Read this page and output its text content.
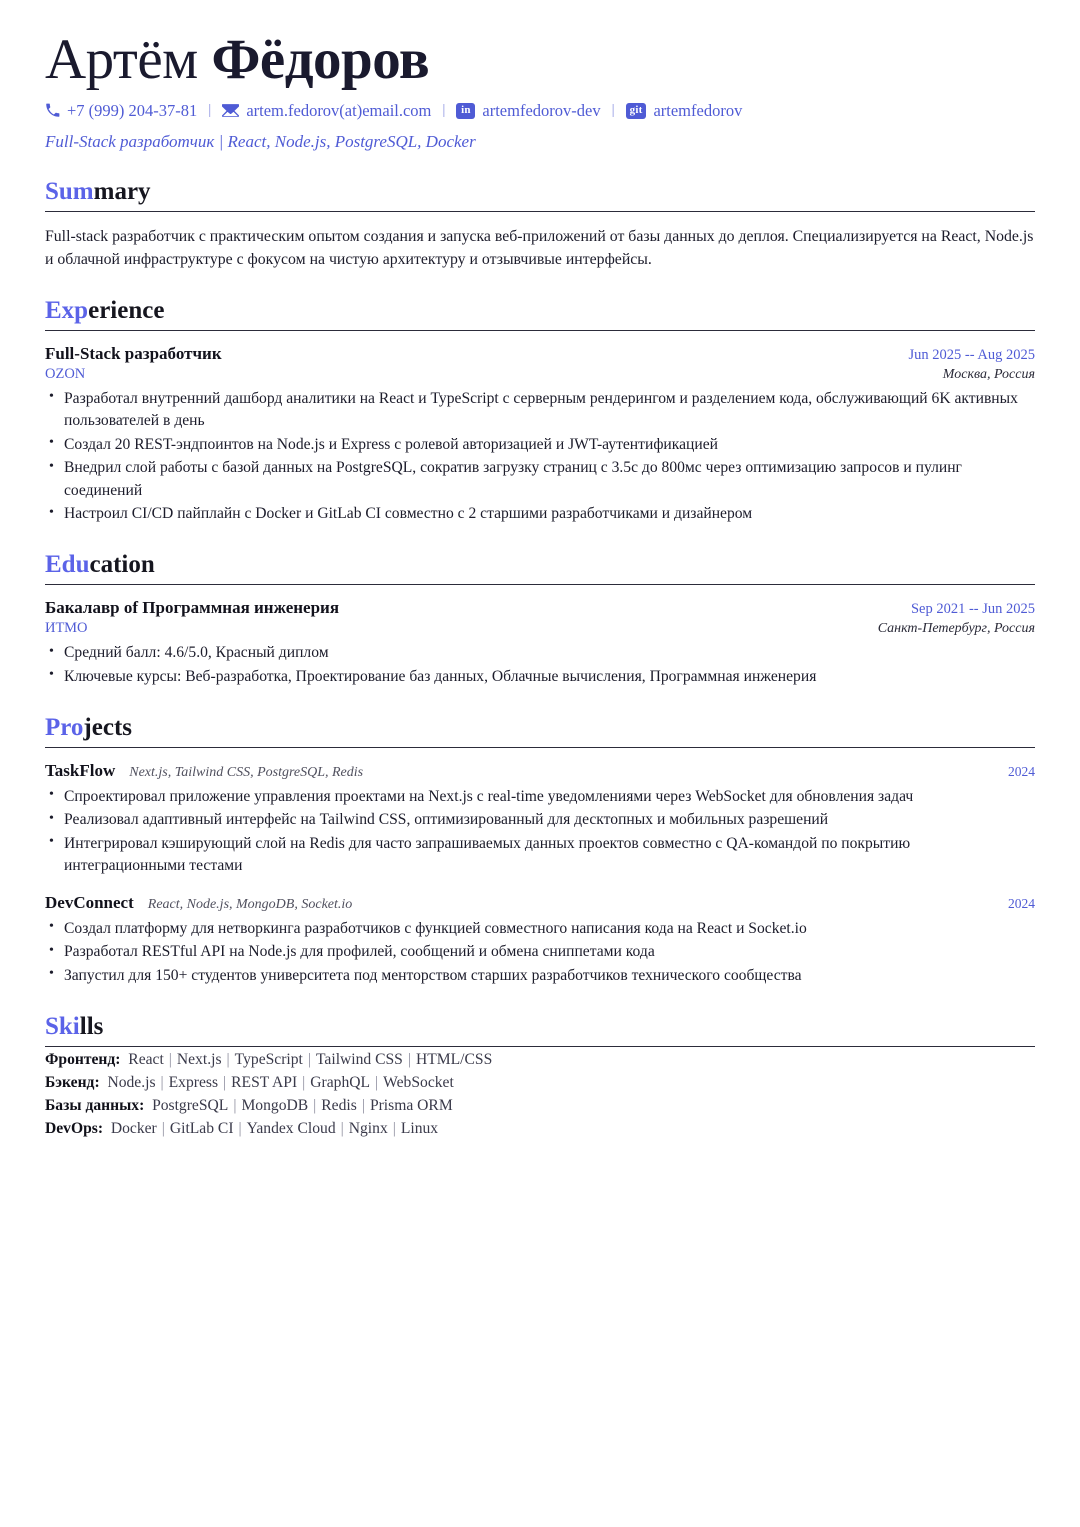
Артём Фёдоров
+7 (999) 204-37-81 |	artem.fedorov(at)email.com |	in artemfedorov-dev |	git artemfedorov
Full-Stack разработчик | React, Node.js, PostgreSQL, Docker
Summary

Full-stack разработчик с практическим опытом создания и запуска веб-приложений от базы данных до деплоя. Специализируется на React, Node.js и облачной инфраструктуре с фокусом на чистую архитектуру и отзывчивые интерфейсы.

Experience
Full-Stack разработчик	Jun 2025 -- Aug 2025
OZON	Москва, Россия
• Разработал внутренний дашборд аналитики на React и TypeScript с серверным рендерингом и разделением кода, обслуживающий 6K активных пользователей в день
• Создал 20 REST-эндпоинтов на Node.js и Express с ролевой авторизацией и JWT-аутентификацией
• Внедрил слой работы с базой данных на PostgreSQL, сократив загрузку страниц с 3.5с до 800мс через оптимизацию запросов и пулинг соединений
• Настроил CI/CD пайплайн с Docker и GitLab CI совместно с 2 старшими разработчиками и дизайнером
Education
Бакалавр of Программная инженерия	Sep 2021 -- Jun 2025
ИТМО	Санкт-Петербург, Россия
• Средний балл: 4.6/5.0, Красный диплом
• Ключевые курсы: Веб-разработка, Проектирование баз данных, Облачные вычисления, Программная инженерия
Projects
TaskFlow Next.js, Tailwind CSS, PostgreSQL, Redis	2024
• Спроектировал приложение управления проектами на Next.js с real-time уведомлениями через WebSocket для обновления задач
• Реализовал адаптивный интерфейс на Tailwind CSS, оптимизированный для десктопных и мобильных разрешений
• Интегрировал кэширующий слой на Redis для часто запрашиваемых данных проектов совместно с QA-командой по покрытию интеграционными тестами
DevConnect React, Node.js, MongoDB, Socket.io	2024
• Создал платформу для нетворкинга разработчиков с функцией совместного написания кода на React и Socket.io
• Разработал RESTful API на Node.js для профилей, сообщений и обмена сниппетами кода
• Запустил для 150+ студентов университета под менторством старших разработчиков технического сообщества
Skills
Фронтенд: React | Next.js | TypeScript | Tailwind CSS | HTML/CSS
Бэкенд: Node.js | Express | REST API | GraphQL | WebSocket
Базы данных: PostgreSQL | MongoDB | Redis | Prisma ORM
DevOps: Docker | GitLab CI | Yandex Cloud | Nginx | Linux
